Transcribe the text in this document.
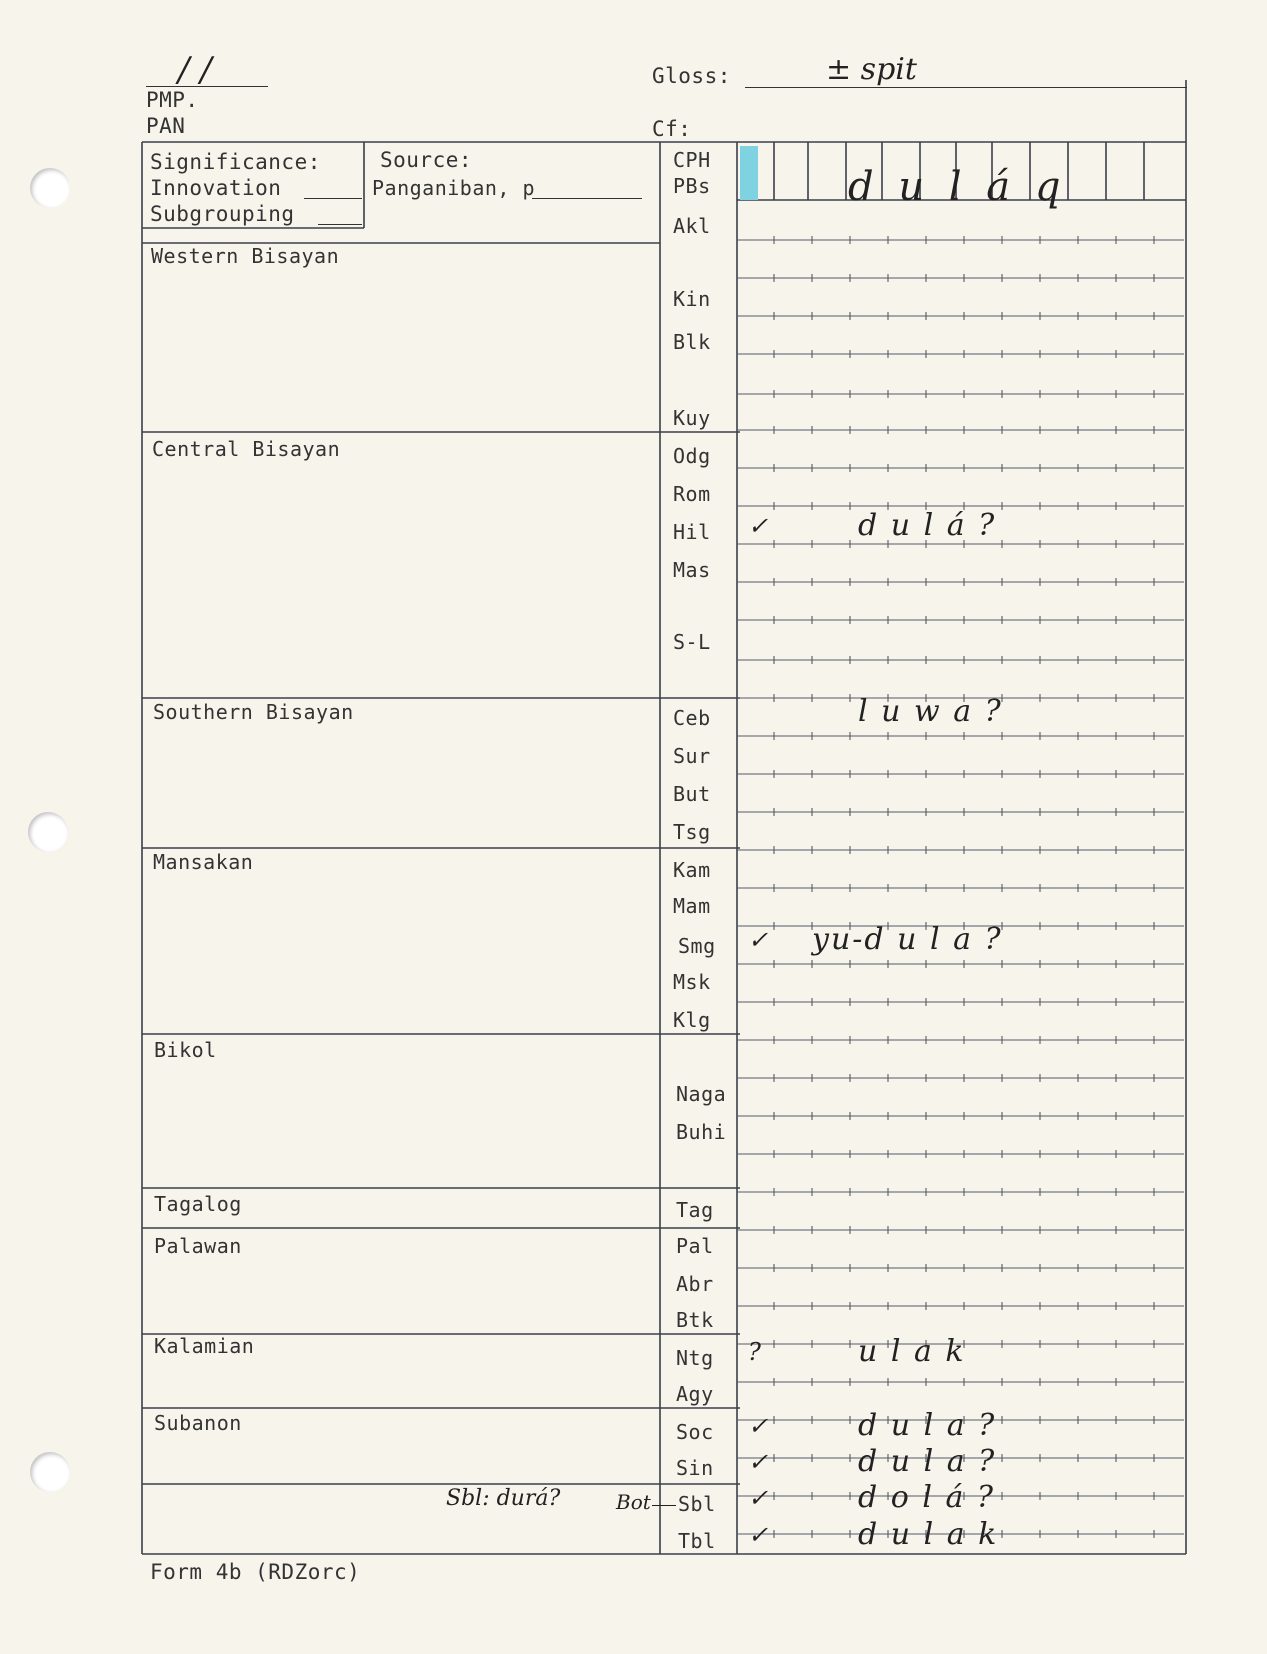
/ /
PMP.
PAN
Gloss:	± spit
Cf:
Significance:
Innovation
Subgrouping
Source:
Panganiban, p
Western Bisayan
Central Bisayan
Southern Bisayan
Mansakan
Bikol
Tagalog
Palawan
Kalamian
Subanon
Sbl: durá?	Bot
Form 4b (RDZorc)
CPH
PBs	d u l á q
Akl
Kin
Blk
Kuy
Odg
Rom
Hil ✓	d u l á ?
Mas
S-L
Ceb	l u w a ?
Sur
But
Tsg
Kam
Mam
Smg ✓ yu-d u l a ?
Msk
Klg
Naga
Buhi
Tag
Pal
Abr
Btk
Ntg ?	u l a k
Agy
Soc ✓	d u l a ?
Sin ✓	d u l a ?
Sbl ✓	d o l á ?
Tbl ✓	d u l a k
